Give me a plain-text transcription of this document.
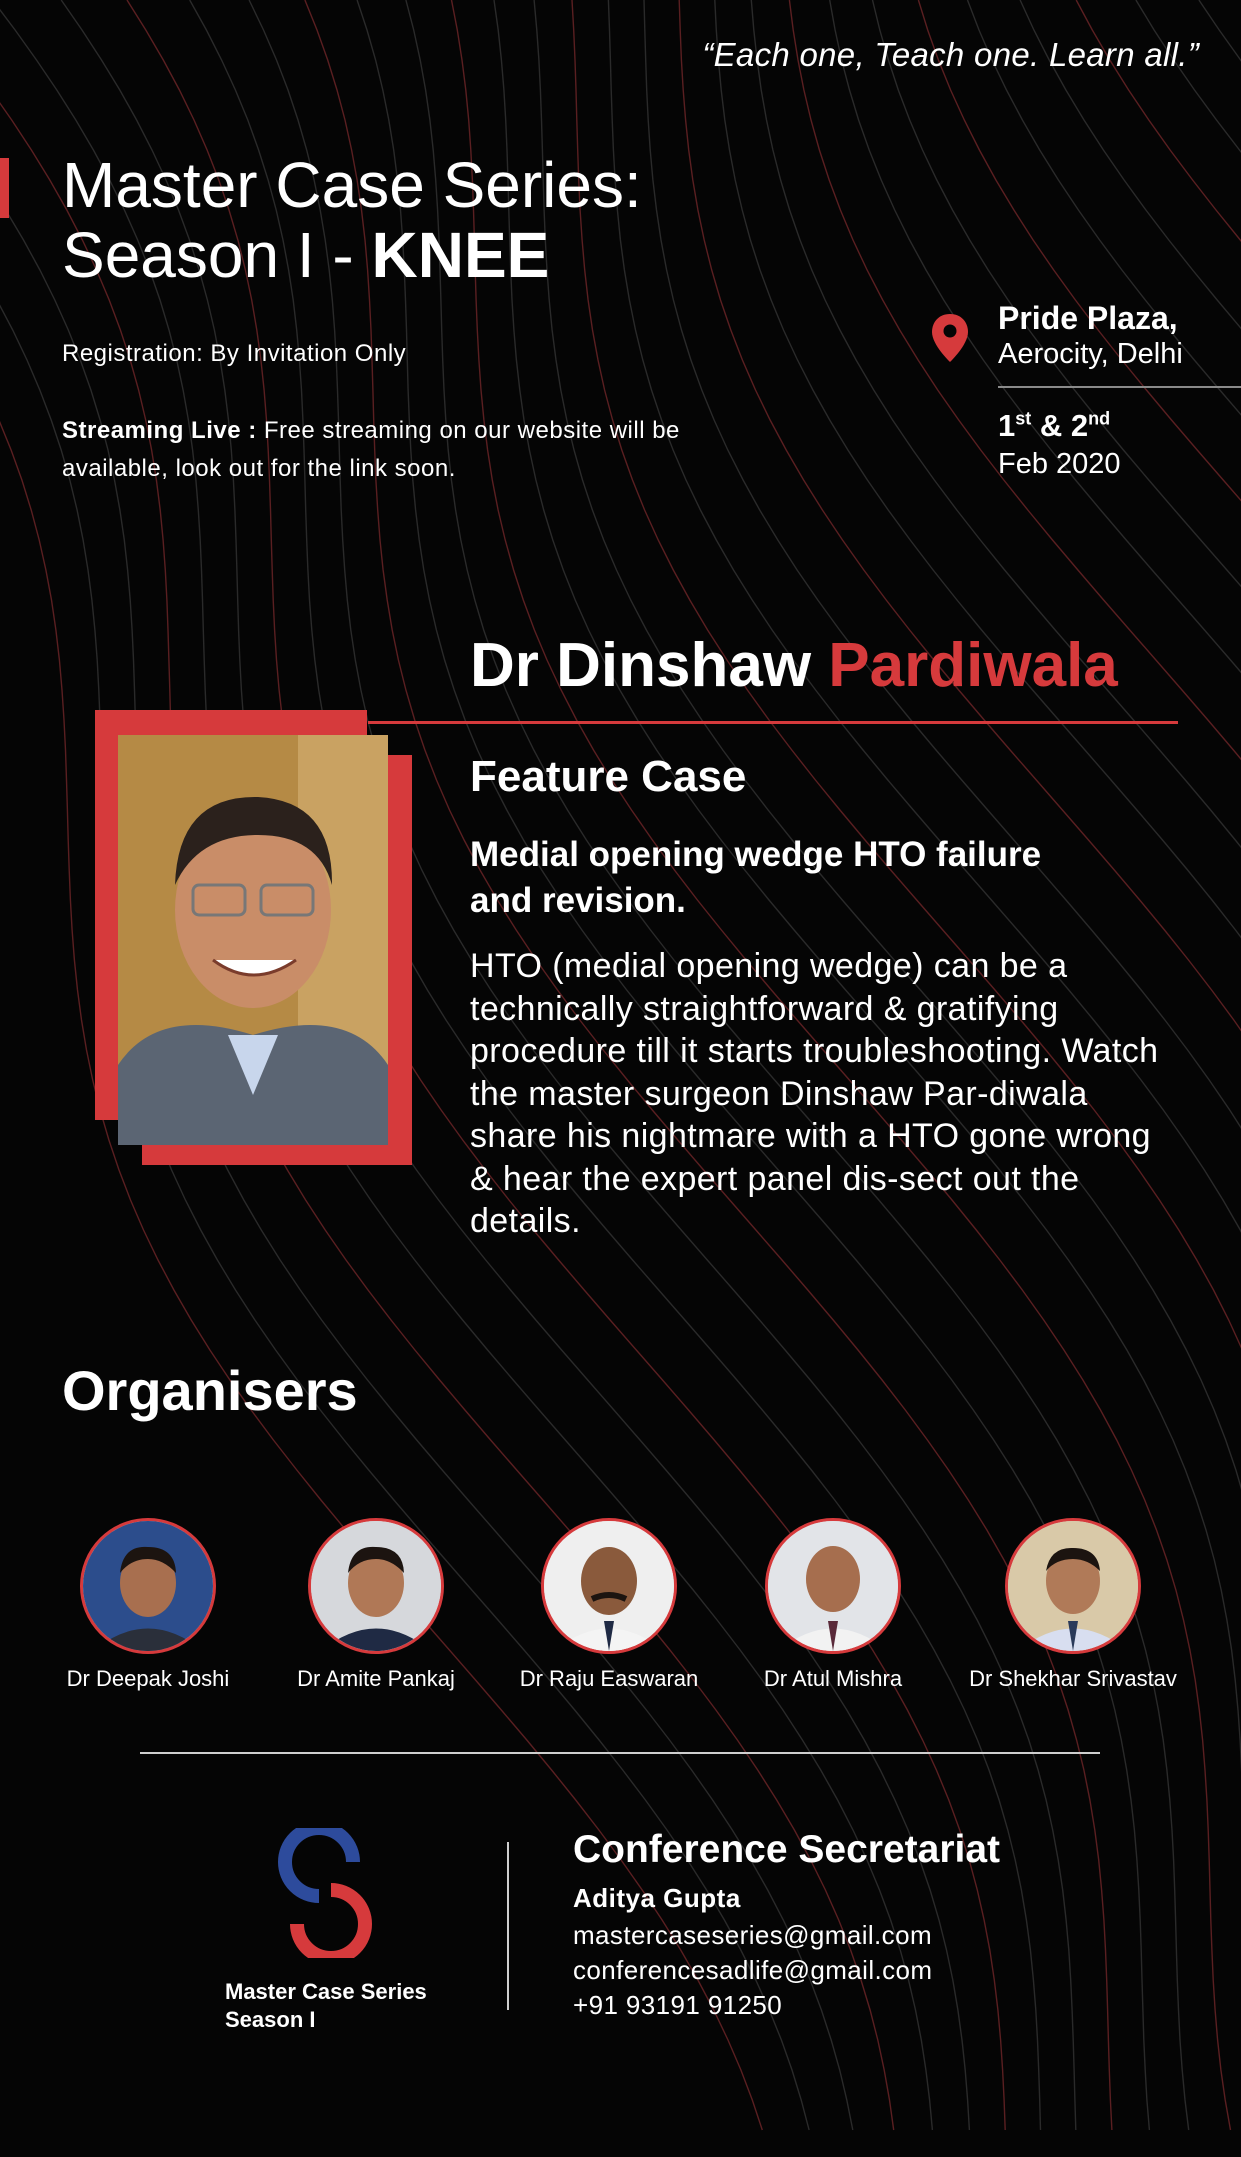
“Each one, Teach one. Learn all.”
Master Case Series:
Season I - KNEE
Registration: By Invitation Only
Streaming Live : Free streaming on our website will be available, look out for the link soon.
Pride Plaza,
Aerocity, Delhi
1st & 2nd
Feb 2020
Dr Dinshaw Pardiwala
Feature Case
Medial opening wedge HTO failure and revision.
HTO (medial opening wedge) can be a technically straightforward & gratifying procedure till it starts troubleshooting. Watch the master surgeon Dinshaw Par-diwala share his nightmare with a HTO gone wrong & hear the expert panel dis-sect out the details.
Organisers
Dr Deepak Joshi	Dr Amite Pankaj	Dr Raju Easwaran	Dr Atul Mishra	Dr Shekhar Srivastav
Master Case Series
Season I
Conference Secretariat
Aditya Gupta
mastercaseseries@gmail.com
conferencesadlife@gmail.com
+91 93191 91250
